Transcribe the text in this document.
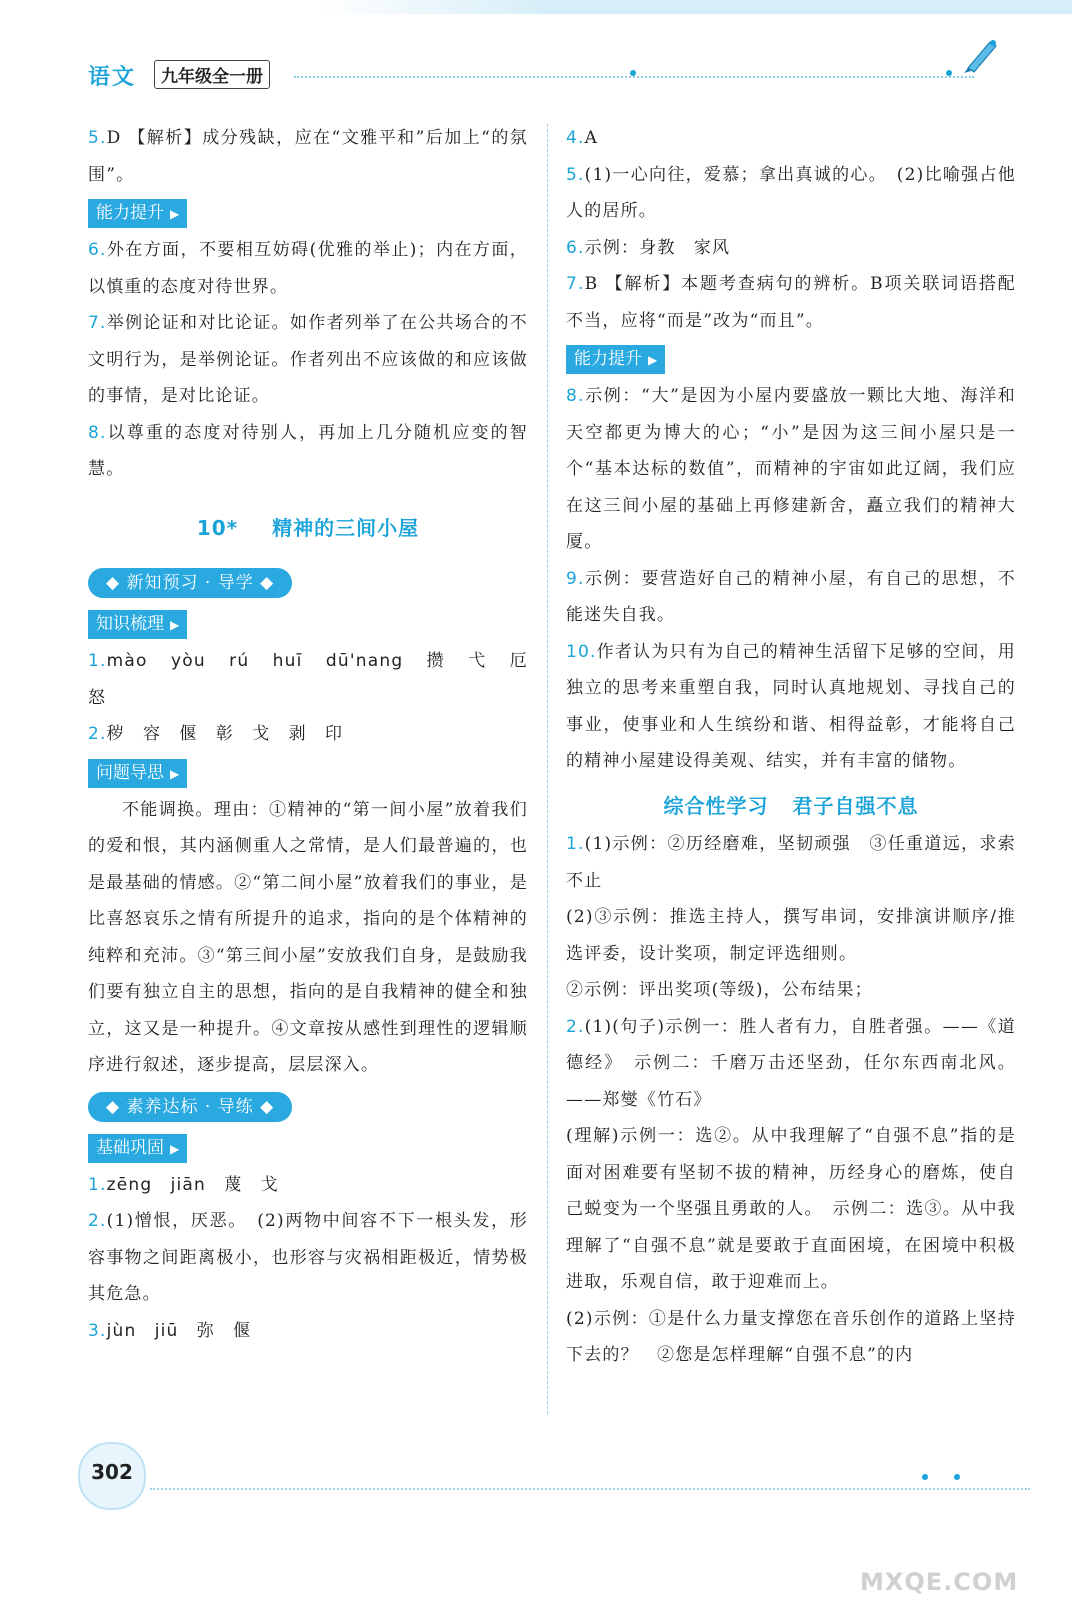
语文	九年级全一册

5.D 【解析】成分残缺，应在“文雅平和”后加上“的氛围”。

能力提升 ▶

6.外在方面，不要相互妨碍(优雅的举止)；内在方面，以慎重的态度对待世界。

7.举例论证和对比论证。如作者列举了在公共场合的不文明行为，是举例论证。作者列出不应该做的和应该做的事情，是对比论证。

8.以尊重的态度对待别人，再加上几分随机应变的智慧。

10* 精神的三间小屋
◆ 新知预习 · 导学 ◆
知识梳理 ▶

1.mào　yòu　rú　huī　dū'nang　攒　弋　厄　怒

2.秽　容　偃　彰　戈　剥　印

问题导思 ▶

不能调换。理由：①精神的“第一间小屋”放着我们的爱和恨，其内涵侧重人之常情，是人们最普遍的，也是最基础的情感。②“第二间小屋”放着我们的事业，是比喜怒哀乐之情有所提升的追求，指向的是个体精神的纯粹和充沛。③“第三间小屋”安放我们自身，是鼓励我们要有独立自主的思想，指向的是自我精神的健全和独立，这又是一种提升。④文章按从感性到理性的逻辑顺序进行叙述，逐步提高，层层深入。

◆ 素养达标 · 导练 ◆
基础巩固 ▶

1.zēng　jiān　蔑　戈

2.(1)憎恨，厌恶。　(2)两物中间容不下一根头发，形容事物之间距离极小，也形容与灾祸相距极近，情势极其危急。

3.jùn　jiū　弥　偃

4.A

5.(1)一心向往，爱慕；拿出真诚的心。　(2)比喻强占他人的居所。

6.示例：身教　家风

7.B 【解析】本题考查病句的辨析。B项关联词语搭配不当，应将“而是”改为“而且”。

能力提升 ▶

8.示例：“大”是因为小屋内要盛放一颗比大地、海洋和天空都更为博大的心；“小”是因为这三间小屋只是一个“基本达标的数值”，而精神的宇宙如此辽阔，我们应在这三间小屋的基础上再修建新舍，矗立我们的精神大厦。

9.示例：要营造好自己的精神小屋，有自己的思想，不能迷失自我。

10.作者认为只有为自己的精神生活留下足够的空间，用独立的思考来重塑自我，同时认真地规划、寻找自己的事业，使事业和人生缤纷和谐、相得益彰，才能将自己的精神小屋建设得美观、结实，并有丰富的储物。

综合性学习 君子自强不息

1.(1)示例：②历经磨难，坚韧顽强　③任重道远，求索不止

(2)③示例：推选主持人，撰写串词，安排演讲顺序/推选评委，设计奖项，制定评选细则。

②示例：评出奖项(等级)，公布结果；

2.(1)(句子)示例一：胜人者有力，自胜者强。——《道德经》　示例二：千磨万击还坚劲，任尔东西南北风。——郑燮《竹石》

(理解)示例一：选②。从中我理解了“自强不息”指的是面对困难要有坚韧不拔的精神，历经身心的磨炼，使自己蜕变为一个坚强且勇敢的人。　示例二：选③。从中我理解了“自强不息”就是要敢于直面困境，在困境中积极进取，乐观自信，敢于迎难而上。

(2)示例：①是什么力量支撑您在音乐创作的道路上坚持下去的？　②您是怎样理解“自强不息”的内

302
MXQE.COM
